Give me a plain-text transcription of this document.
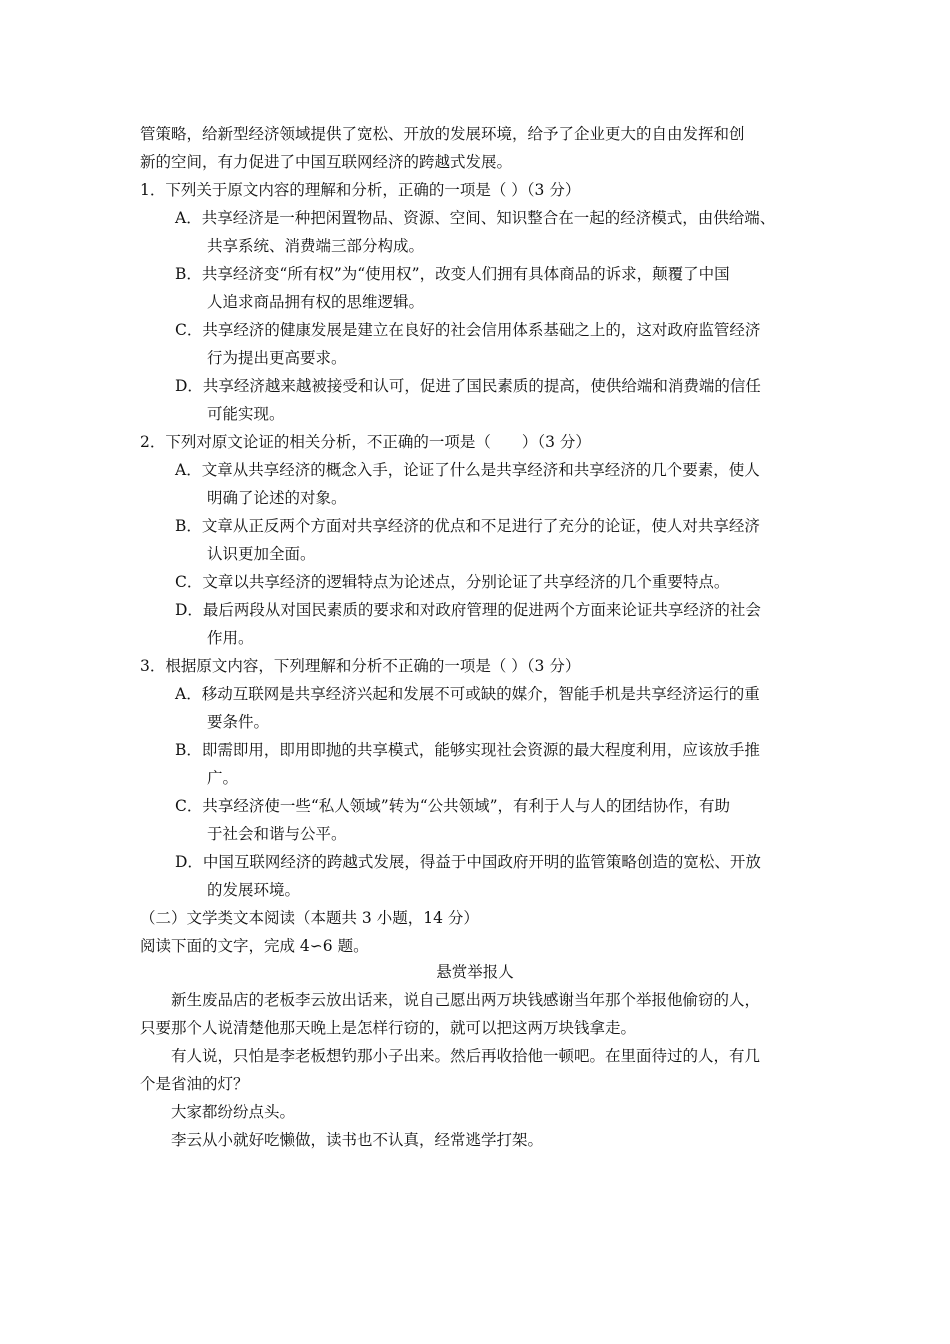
管策略，给新型经济领域提供了宽松、开放的发展环境，给予了企业更大的自由发挥和创
新的空间，有力促进了中国互联网经济的跨越式发展。
1．下列关于原文内容的理解和分析，正确的一项是（ ）（3 分）
A．共享经济是一种把闲置物品、资源、空间、知识整合在一起的经济模式，由供给端、
共享系统、消费端三部分构成。
B．共享经济变“所有权”为“使用权”，改变人们拥有具体商品的诉求，颠覆了中国
人追求商品拥有权的思维逻辑。
C．共享经济的健康发展是建立在良好的社会信用体系基础之上的，这对政府监管经济
行为提出更高要求。
D．共享经济越来越被接受和认可，促进了国民素质的提高，使供给端和消费端的信任
可能实现。
2．下列对原文论证的相关分析，不正确的一项是（　　）（3 分）
A．文章从共享经济的概念入手，论证了什么是共享经济和共享经济的几个要素，使人
明确了论述的对象。
B．文章从正反两个方面对共享经济的优点和不足进行了充分的论证，使人对共享经济
认识更加全面。
C．文章以共享经济的逻辑特点为论述点，分别论证了共享经济的几个重要特点。
D．最后两段从对国民素质的要求和对政府管理的促进两个方面来论证共享经济的社会
作用。
3．根据原文内容，下列理解和分析不正确的一项是（ ）（3 分）
A．移动互联网是共享经济兴起和发展不可或缺的媒介，智能手机是共享经济运行的重
要条件。
B．即需即用，即用即抛的共享模式，能够实现社会资源的最大程度利用，应该放手推
广。
C．共享经济使一些“私人领域”转为“公共领域”，有利于人与人的团结协作，有助
于社会和谐与公平。
D．中国互联网经济的跨越式发展，得益于中国政府开明的监管策略创造的宽松、开放
的发展环境。
（二）文学类文本阅读（本题共 3 小题，14 分）
阅读下面的文字，完成 4∽6 题。
悬赏举报人
新生废品店的老板李云放出话来，说自己愿出两万块钱感谢当年那个举报他偷窃的人，
只要那个人说清楚他那天晚上是怎样行窃的，就可以把这两万块钱拿走。
有人说，只怕是李老板想钓那小子出来。然后再收拾他一顿吧。在里面待过的人，有几
个是省油的灯？
大家都纷纷点头。
李云从小就好吃懒做，读书也不认真，经常逃学打架。
